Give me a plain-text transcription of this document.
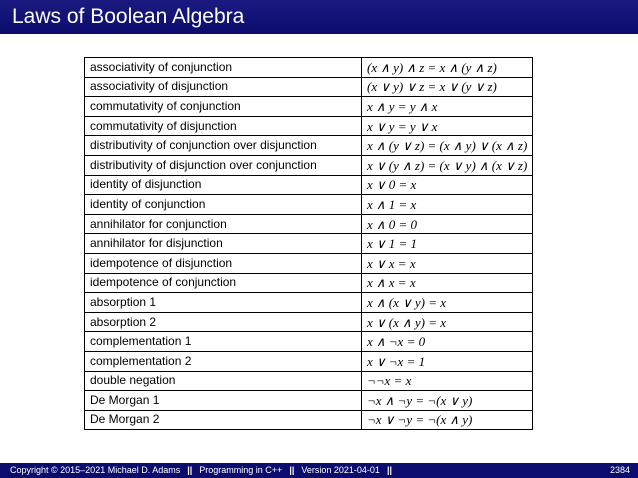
Laws of Boolean Algebra
associativity of conjunction	(x ∧ y) ∧ z = x ∧ (y ∧ z)
associativity of disjunction	(x ∨ y) ∨ z = x ∨ (y ∨ z)
commutativity of conjunction	x ∧ y = y ∧ x
commutativity of disjunction	x ∨ y = y ∨ x
distributivity of conjunction over disjunction	x ∧ (y ∨ z) = (x ∧ y) ∨ (x ∧ z)
distributivity of disjunction over conjunction	x ∨ (y ∧ z) = (x ∨ y) ∧ (x ∨ z)
identity of disjunction	x ∨ 0 = x
identity of conjunction	x ∧ 1 = x
annihilator for conjunction	x ∧ 0 = 0
annihilator for disjunction	x ∨ 1 = 1
idempotence of disjunction	x ∨ x = x
idempotence of conjunction	x ∧ x = x
absorption 1	x ∧ (x ∨ y) = x
absorption 2	x ∨ (x ∧ y) = x
complementation 1	x ∧ ¬x = 0
complementation 2	x ∨ ¬x = 1
double negation	¬¬x = x
De Morgan 1	¬x ∧ ¬y = ¬(x ∨ y)
De Morgan 2	¬x ∨ ¬y = ¬(x ∧ y)
Copyright © 2015–2021 Michael D. Adams || Programming in C++ || Version 2021-04-01 ||	2384
